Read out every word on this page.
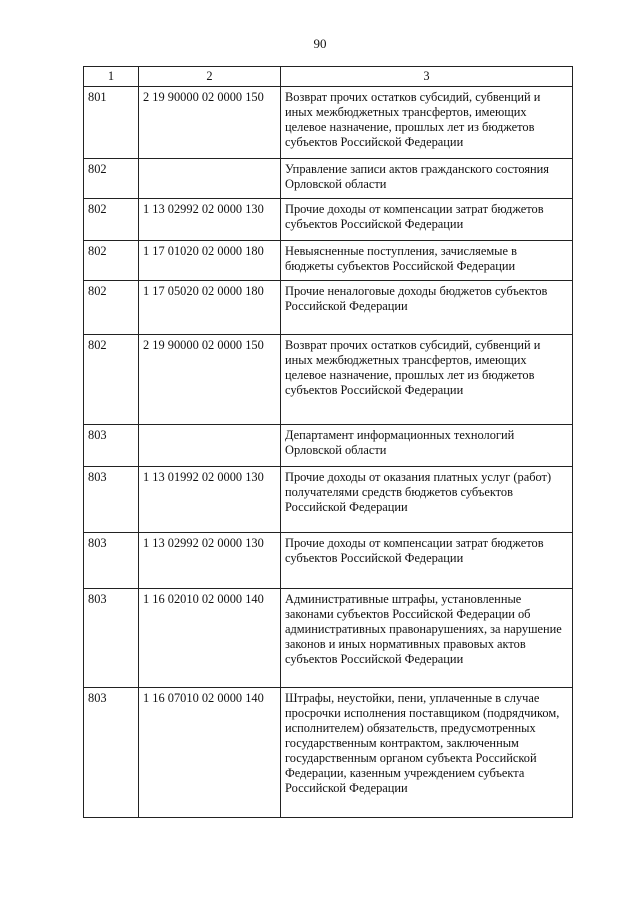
90
1	2	3
801	2 19 90000 02 0000 150	Возврат прочих остатков субсидий, субвенций и иных межбюджетных трансфертов, имеющих целевое назначение, прошлых лет из бюджетов субъектов Российской Федерации
802		Управление записи актов гражданского состояния Орловской области
802	1 13 02992 02 0000 130	Прочие доходы от компенсации затрат бюджетов субъектов Российской Федерации
802	1 17 01020 02 0000 180	Невыясненные поступления, зачисляемые в бюджеты субъектов Российской Федерации
802	1 17 05020 02 0000 180	Прочие неналоговые доходы бюджетов субъектов Российской Федерации
802	2 19 90000 02 0000 150	Возврат прочих остатков субсидий, субвенций и иных межбюджетных трансфертов, имеющих целевое назначение, прошлых лет из бюджетов субъектов Российской Федерации
803		Департамент информационных технологий Орловской области
803	1 13 01992 02 0000 130	Прочие доходы от оказания платных услуг (работ) получателями средств бюджетов субъектов Российской Федерации
803	1 13 02992 02 0000 130	Прочие доходы от компенсации затрат бюджетов субъектов Российской Федерации
803	1 16 02010 02 0000 140	Административные штрафы, установленные законами субъектов Российской Федерации об административных правонарушениях, за нарушение законов и иных нормативных правовых актов субъектов Российской Федерации
803	1 16 07010 02 0000 140	Штрафы, неустойки, пени, уплаченные в случае просрочки исполнения поставщиком (подрядчиком, исполнителем) обязательств, предусмотренных государственным контрактом, заключенным государственным органом субъекта Российской Федерации, казенным учреждением субъекта Российской Федерации
